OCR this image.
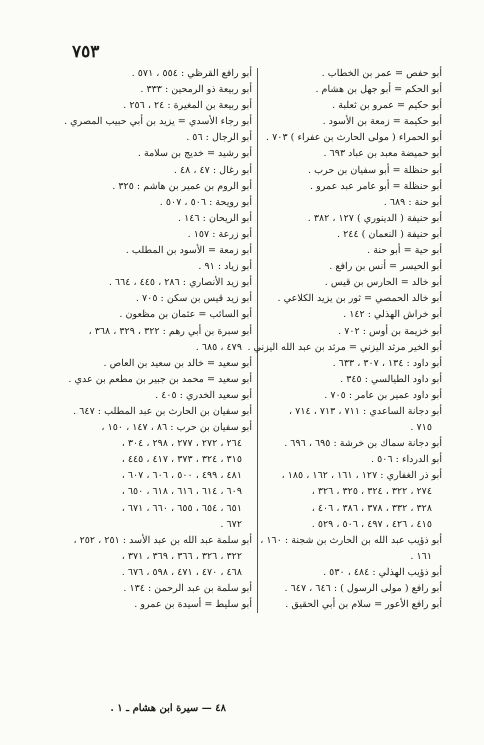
٧٥٣
أبو حفص = عمر بن الخطاب .
أبو الحكم = أبو جهل بن هشام .
أبو حكيم = عمرو بن ثعلبة .
أبو حكيمة = زمعة بن الأسود .
أبو الحمراء ( مولى الحارث بن عفراء ) ٧٠٣ .
أبو حميضة معبد بن عباد ٦٩٣ .
أبو حنظلة = أبو سفيان بن حرب .
أبو حنظلة = أبو عامر عبد عمرو .
أبو حنة : ٦٨٩ .
أبو حنيفة ( الدينوري ) ١٢٧ ، ٣٨٢ .
أبو حنيفة ( النعمان ) ٢٤٤ .
أبو حية = أبو حنة .
أبو الحيسر = أنس بن رافع .
أبو خالد = الحارس بن قيس .
أبو خالد الحمصي = ثور بن يزيد الكلاعي .
أبو خراش الهذلي : ١٤٢ .
أبو خزيمة بن أوس : ٧٠٢ .
أبو الخير مرثد اليزني = مرثد بن عبد الله اليزني .
أبو داود : ١٣٤ ، ٣٠٧ ، ٦٣٣ .
أبو داود الطيالسي : ٣٤٥ .
أبو داود عمير بن عامر : ٧٠٥ .
أبو دجانة الساعدي : ٧١١ ، ٧١٣ ، ٧١٤ ،
٧١٥ .
أبو دجانة سماك بن خرشة : ٦٩٥ ، ٦٩٦ .
أبو الدرداء : ٥٠٦ .
أبو ذر الغفاري : ١٢٧ ، ١٦١ ، ١٦٢ ، ١٨٥ ،
٢٧٤ ، ٣٢٢ ، ٣٢٤ ، ٣٢٥ ، ٣٢٦ ،
٣٢٨ ، ٣٣٢ ، ٣٧٨ ، ٣٨٦ ، ٤٠٦ ،
٤١٥ ، ٤٢٦ ، ٤٩٧ ، ٥٠٦ ، ٥٢٩ .
أبو ذؤيب عبد الله بن الحارث بن شجنة : ١٦٠ ،
١٦١ .
أبو ذؤيب الهذلي : ٤٨٤ ، ٥٣٠ .
أبو رافع ( مولى الرسول ) : ٦٤٦ ، ٦٤٧ .
أبو رافع الأعور = سلام بن أبي الحقيق .
أبو رافع القرظي : ٥٥٤ ، ٥٧١ .
أبو ربيعة ذو الرمحين : ٣٣٣ .
أبو ربيعة بن المغيرة : ٢٤ ، ٢٥٦ .
أبو رجاء الأسدي = يزيد بن أبي حبيب المصري .
أبو الرجال : ٥٦ .
أبو رشيد = خديج بن سلامة .
أبو رغال : ٤٧ ، ٤٨ .
أبو الروم بن عمير بن هاشم : ٣٢٥ .
أبو رويحة : ٥٠٦ ، ٥٠٧ .
أبو الريحان : ١٤٦ .
أبو زرعة : ١٥٧ .
أبو زمعة = الأسود بن المطلب .
أبو زياد : ٩١ .
أبو زيد الأنصاري : ٢٨٦ ، ٤٤٥ ، ٦٦٤ .
أبو زيد قيس بن سكن : ٧٠٥ .
أبو السائب = عثمان بن مظعون .
أبو سبرة بن أبي رهم : ٣٢٢ ، ٣٢٩ ، ٣٦٨ ،
٤٧٩ ، ٦٨٥ .
أبو سعيد = خالد بن سعيد بن العاص .
أبو سعيد = محمد بن جبير بن مطعم بن عدي .
أبو سعيد الخدري : ٤٠٥ .
أبو سفيان بن الحارث بن عبد المطلب : ٦٤٧ .
أبو سفيان بن حرب : ٨٦ ، ١٤٧ ، ١٥٠ ،
٢٦٤ ، ٢٧٢ ، ٢٧٧ ، ٢٩٨ ، ٣٠٤ ،
٣١٥ ، ٣٢٤ ، ٣٧٣ ، ٤١٧ ، ٤٤٥ ،
٤٨١ ، ٤٩٩ ، ٥٠٠ ، ٦٠٦ ، ٦٠٧ ،
٦٠٩ ، ٦١٤ ، ٦١٦ ، ٦١٨ ، ٦٥٠ ،
٦٥١ ، ٦٥٤ ، ٦٥٥ ، ٦٦٠ ، ٦٧١ ،
٦٧٢ .
أبو سلمة عبد الله بن عبد الأسد : ٢٥١ ، ٢٥٢ ،
٣٢٢ ، ٣٢٦ ، ٣٦٦ ، ٣٦٩ ، ٣٧١ ،
٤٦٨ ، ٤٧٠ ، ٤٧١ ، ٥٩٨ ، ٦٧٦ .
أبو سلمة بن عبد الرحمن : ١٣٤ .
أبو سليط = أسيدة بن عمرو .
٤٨ — سيرة ابن هشام ـ ١ .
